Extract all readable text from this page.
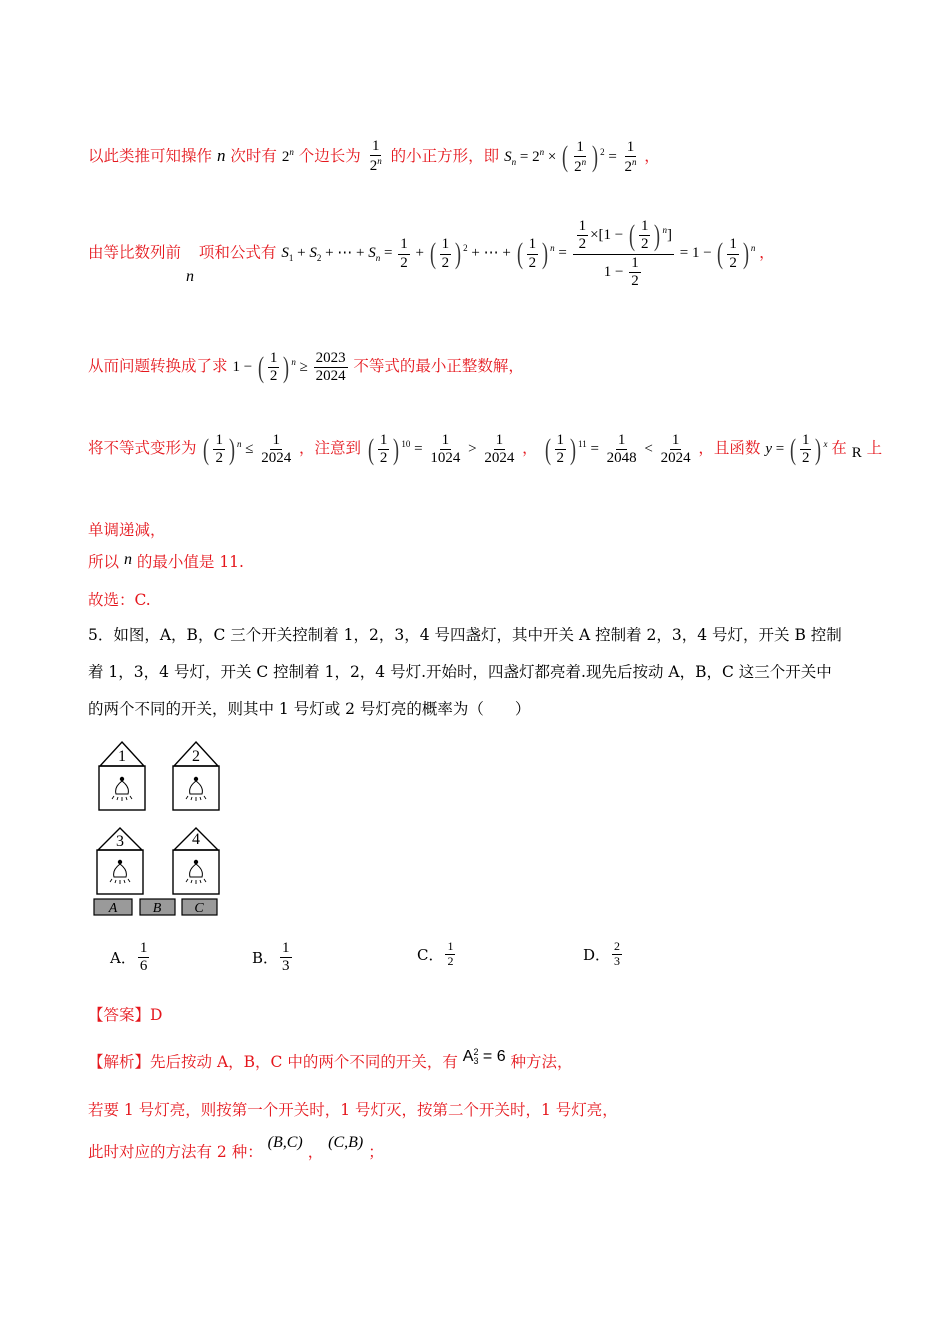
以此类推可知操作 n 次时有 2$^n$ 个边长为 $\frac{1}{2^n}$ 的小正方形，即 $S_n = 2^n$ × ( $\frac{1}{2^n}$ ) $^2 = \frac{1}{2^n}$ ，
由等比数列前 n 项和公式有 $S_1 + S_2$ + ⋯ + $S_n = \frac{1}{2}$ + ( $\frac{1}{2}$ ) $^2$ + ⋯ + ( $\frac{1}{2}$ ) $^n = \frac{\frac{1}{2} \times[1 - ( \frac{1}{2} ) ^n]}{1 - \frac{1}{2}} = 1$ − ( $\frac{1}{2}$ ) $^n$ ，
从而问题转换成了求 1 − ( $\frac{1}{2}$ ) $^n \ge \frac{2023}{2024}$ 不等式的最小正整数解，
将不等式变形为 ( $\frac{1}{2}$ ) $^n \le \frac{1}{2024}$ ，注意到 ( $\frac{1}{2}$ ) $^{10} = \frac{1}{1024} > \frac{1}{2024}$ ， ( $\frac{1}{2}$ ) $^{11} = \frac{1}{2048} < \frac{1}{2024}$ ，且函数 y = ( $\frac{1}{2}$ ) $^x$ 在 R 上
单调递减，
所以 n 的最小值是 11.
故选：C.
5．如图，A，B，C 三个开关控制着 1，2，3，4 号四盏灯，其中开关 A 控制着 2，3，4 号灯，开关 B 控制
着 1，3，4 号灯，开关 C 控制着 1，2，4 号灯.开始时，四盏灯都亮着.现先后按动 A，B，C 这三个开关中
的两个不同的开关，则其中 1 号灯或 2 号灯亮的概率为（　　）
1	2
3	4
A	B C
A． $\frac{1}{6}$	B． $\frac{1}{3}$	C． $\frac{1}{2}$	D． $\frac{2}{3}$
【答案】D
【解析】先后按动 A，B，C 中的两个不同的开关，有 A 2
3 = 6 种方法，
若要 1 号灯亮，则按第一个开关时，1 号灯灭，按第二个开关时，1 号灯亮，
此时对应的方法有 2 种： (B,C) ， (C,B) ；
